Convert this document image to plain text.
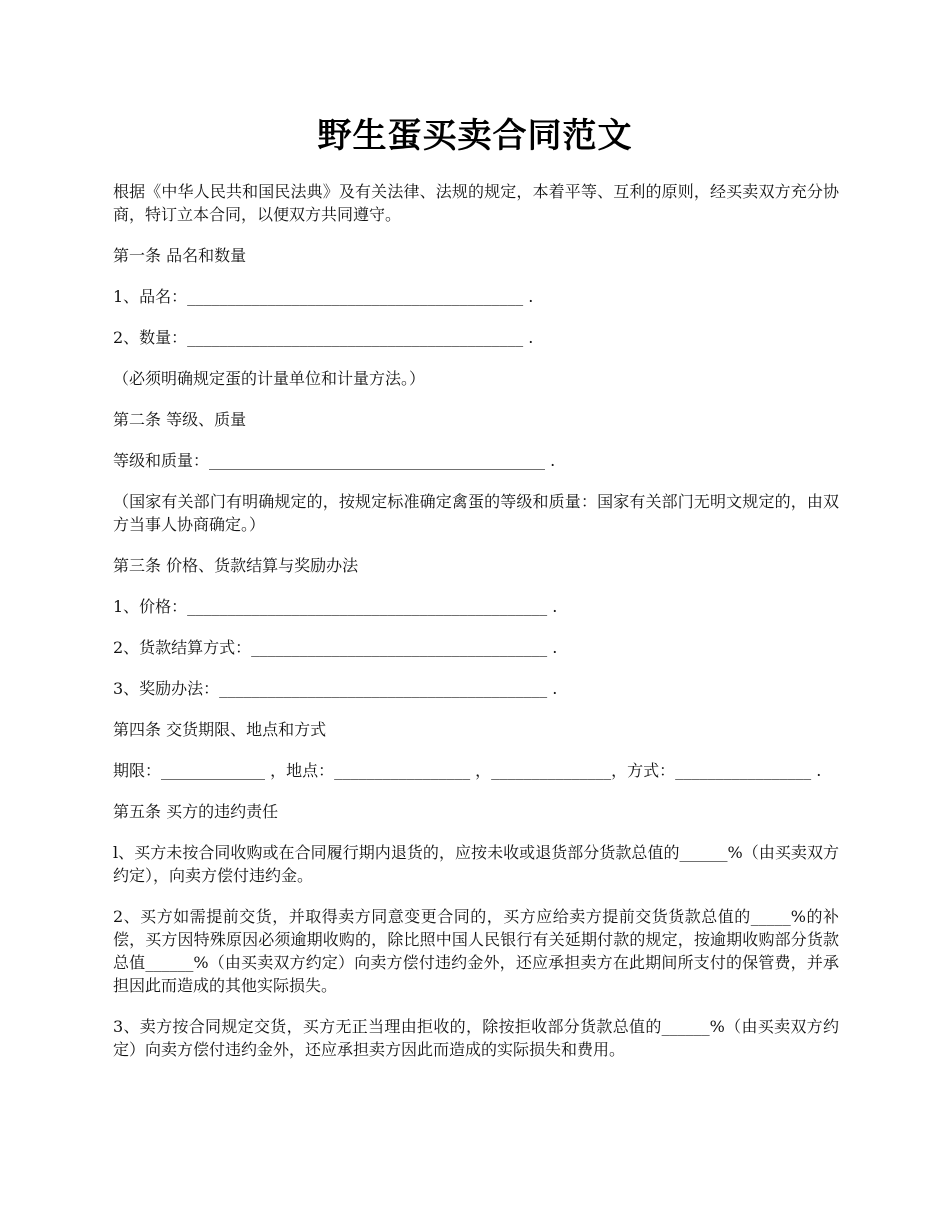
野生蛋买卖合同范文

根据《中华人民共和国民法典》及有关法律、法规的规定，本着平等、互利的原则，经买卖双方充分协商，特订立本合同，以便双方共同遵守。

第一条 品名和数量

1、品名：__________________________________________ .

2、数量：__________________________________________ .

（必须明确规定蛋的计量单位和计量方法。）

第二条 等级、质量

等级和质量：__________________________________________ .

（国家有关部门有明确规定的，按规定标准确定禽蛋的等级和质量：国家有关部门无明文规定的，由双方当事人协商确定。）

第三条 价格、货款结算与奖励办法

1、价格：_____________________________________________ .

2、货款结算方式：_____________________________________ .

3、奖励办法：_________________________________________ .

第四条 交货期限、地点和方式

期限：_____________ ，地点：_________________ ，_______________，方式：_________________ .

第五条 买方的违约责任

l、买方未按合同收购或在合同履行期内退货的，应按未收或退货部分货款总值的______%（由买卖双方约定），向卖方偿付违约金。

2、买方如需提前交货，并取得卖方同意变更合同的，买方应给卖方提前交货货款总值的_____%的补偿，买方因特殊原因必须逾期收购的，除比照中国人民银行有关延期付款的规定，按逾期收购部分货款总值______%（由买卖双方约定）向卖方偿付违约金外，还应承担卖方在此期间所支付的保管费，并承担因此而造成的其他实际损失。

3、卖方按合同规定交货，买方无正当理由拒收的，除按拒收部分货款总值的______%（由买卖双方约定）向卖方偿付违约金外，还应承担卖方因此而造成的实际损失和费用。
